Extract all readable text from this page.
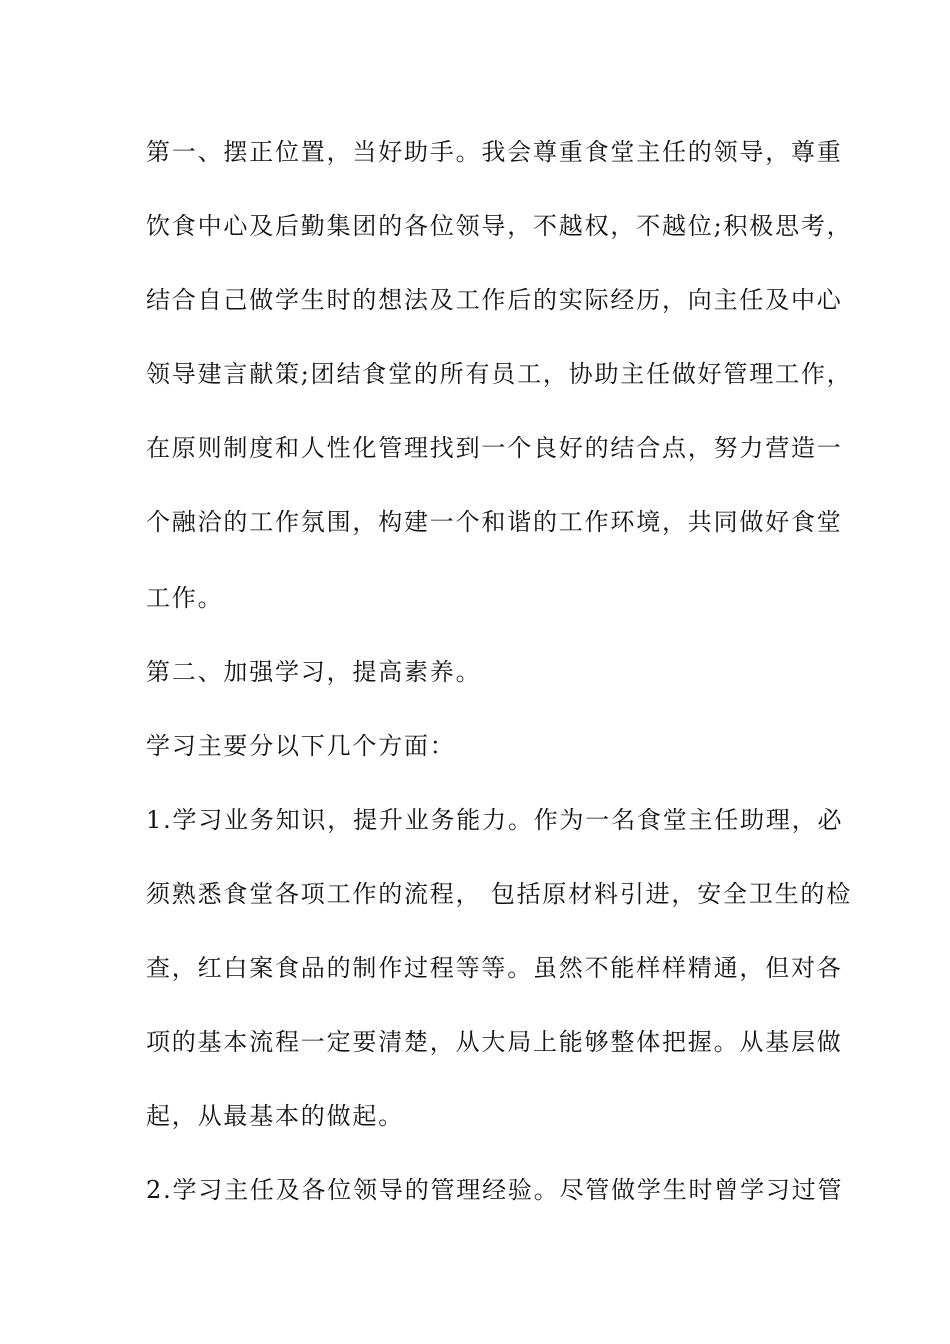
第一、摆正位置，当好助手。我会尊重食堂主任的领导，尊重
饮食中心及后勤集团的各位领导，不越权，不越位;积极思考，
结合自己做学生时的想法及工作后的实际经历，向主任及中心
领导建言献策;团结食堂的所有员工，协助主任做好管理工作，
在原则制度和人性化管理找到一个良好的结合点，努力营造一
个融洽的工作氛围，构建一个和谐的工作环境，共同做好食堂
工作。
第二、加强学习，提高素养。
学习主要分以下几个方面：
1.学习业务知识，提升业务能力。作为一名食堂主任助理，必
须熟悉食堂各项工作的流程， 包括原材料引进，安全卫生的检
查，红白案食品的制作过程等等。虽然不能样样精通，但对各
项的基本流程一定要清楚，从大局上能够整体把握。从基层做
起，从最基本的做起。
2.学习主任及各位领导的管理经验。尽管做学生时曾学习过管
